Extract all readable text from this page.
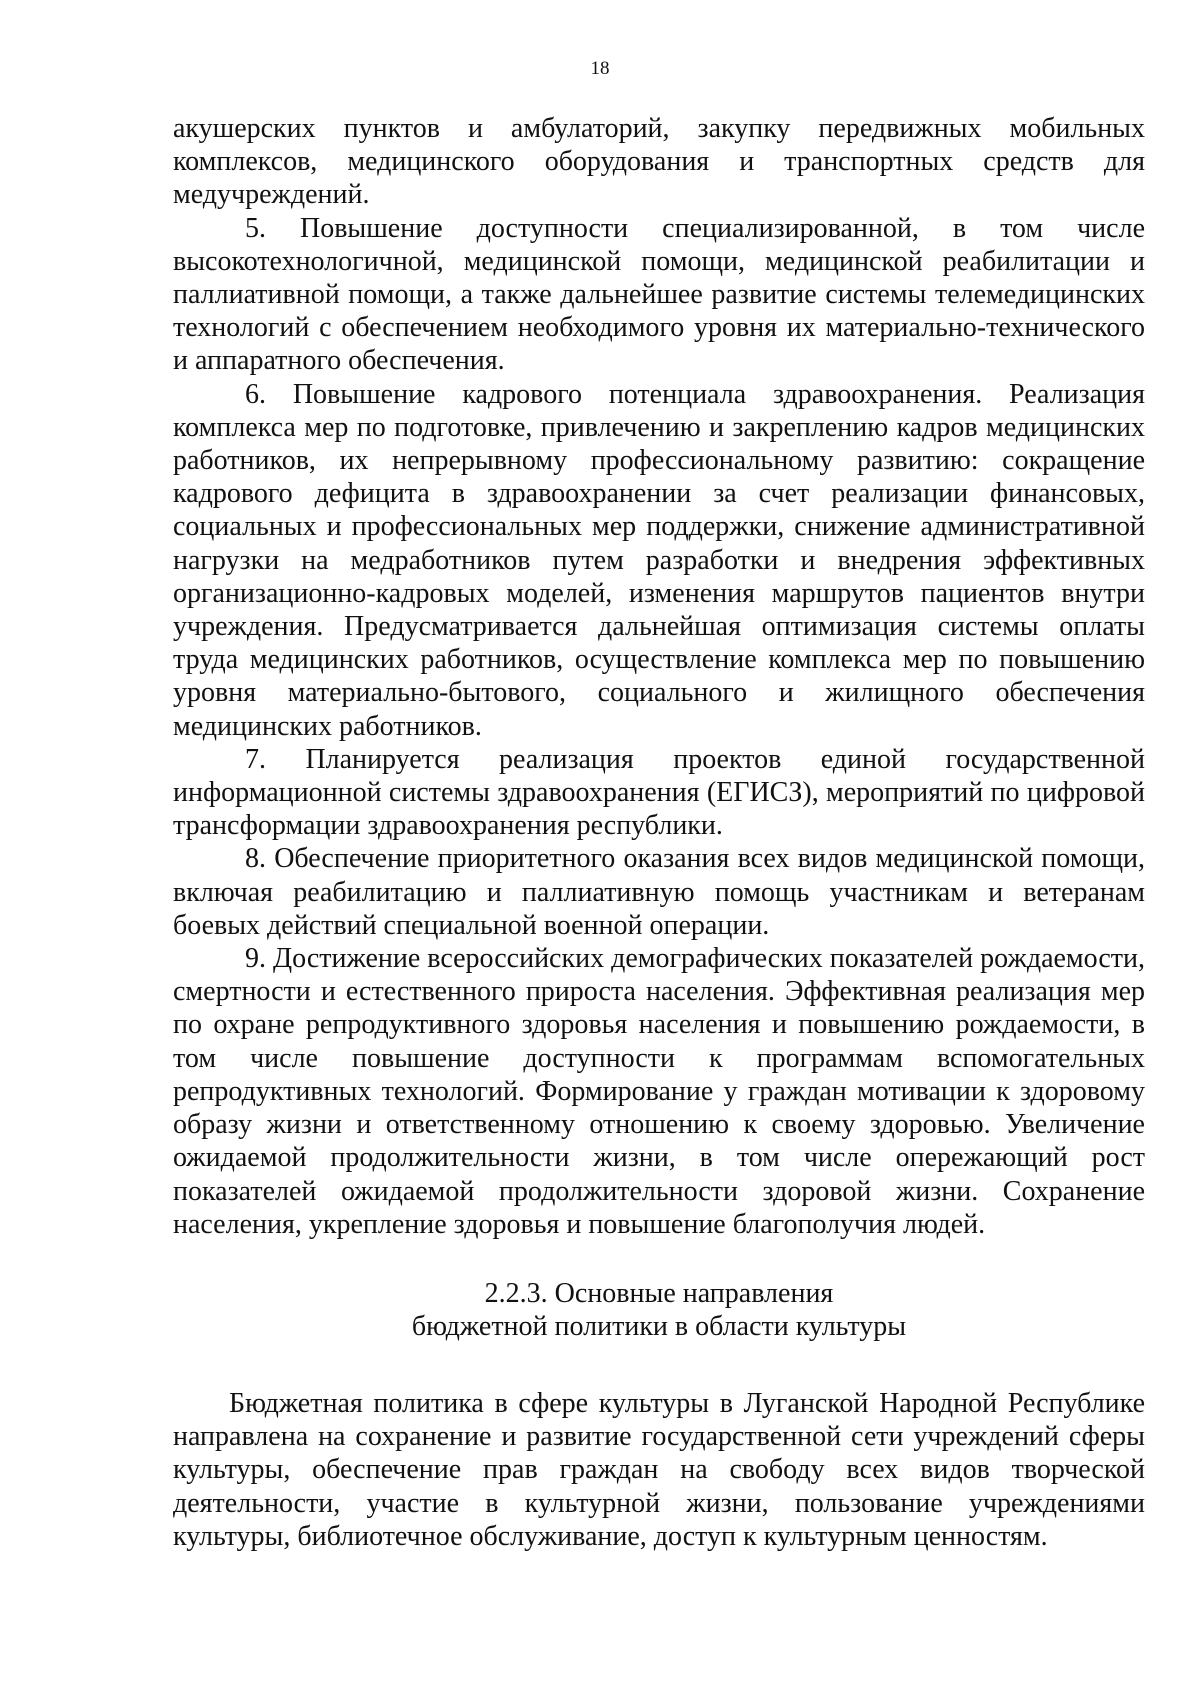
18

акушерских пунктов и амбулаторий, закупку передвижных мобильных комплексов, медицинского оборудования и транспортных средств для медучреждений.

5. Повышение доступности специализированной, в том числе высокотехнологичной, медицинской помощи, медицинской реабилитации и паллиативной помощи, а также дальнейшее развитие системы телемедицинских технологий с обеспечением необходимого уровня их материально-технического и аппаратного обеспечения.

6. Повышение кадрового потенциала здравоохранения. Реализация комплекса мер по подготовке, привлечению и закреплению кадров медицинских работников, их непрерывному профессиональному развитию: сокращение кадрового дефицита в здравоохранении за счет реализации финансовых, социальных и профессиональных мер поддержки, снижение административной нагрузки на медработников путем разработки и внедрения эффективных организационно-кадровых моделей, изменения маршрутов пациентов внутри учреждения. Предусматривается дальнейшая оптимизация системы оплаты труда медицинских работников, осуществление комплекса мер по повышению уровня материально-бытового, социального и жилищного обеспечения медицинских работников.

7. Планируется реализация проектов единой государственной информационной системы здравоохранения (ЕГИСЗ), мероприятий по цифровой трансформации здравоохранения республики.

8. Обеспечение приоритетного оказания всех видов медицинской помощи, включая реабилитацию и паллиативную помощь участникам и ветеранам боевых действий специальной военной операции.

9. Достижение всероссийских демографических показателей рождаемости, смертности и естественного прироста населения. Эффективная реализация мер по охране репродуктивного здоровья населения и повышению рождаемости, в том числе повышение доступности к программам вспомогательных репродуктивных технологий. Формирование у граждан мотивации к здоровому образу жизни и ответственному отношению к своему здоровью. Увеличение ожидаемой продолжительности жизни, в том числе опережающий рост показателей ожидаемой продолжительности здоровой жизни. Сохранение населения, укрепление здоровья и повышение благополучия людей.

2.2.3. Основные направления
бюджетной политики в области культуры

Бюджетная политика в сфере культуры в Луганской Народной Республике направлена на сохранение и развитие государственной сети учреждений сферы культуры, обеспечение прав граждан на свободу всех видов творческой деятельности, участие в культурной жизни, пользование учреждениями культуры, библиотечное обслуживание, доступ к культурным ценностям.
